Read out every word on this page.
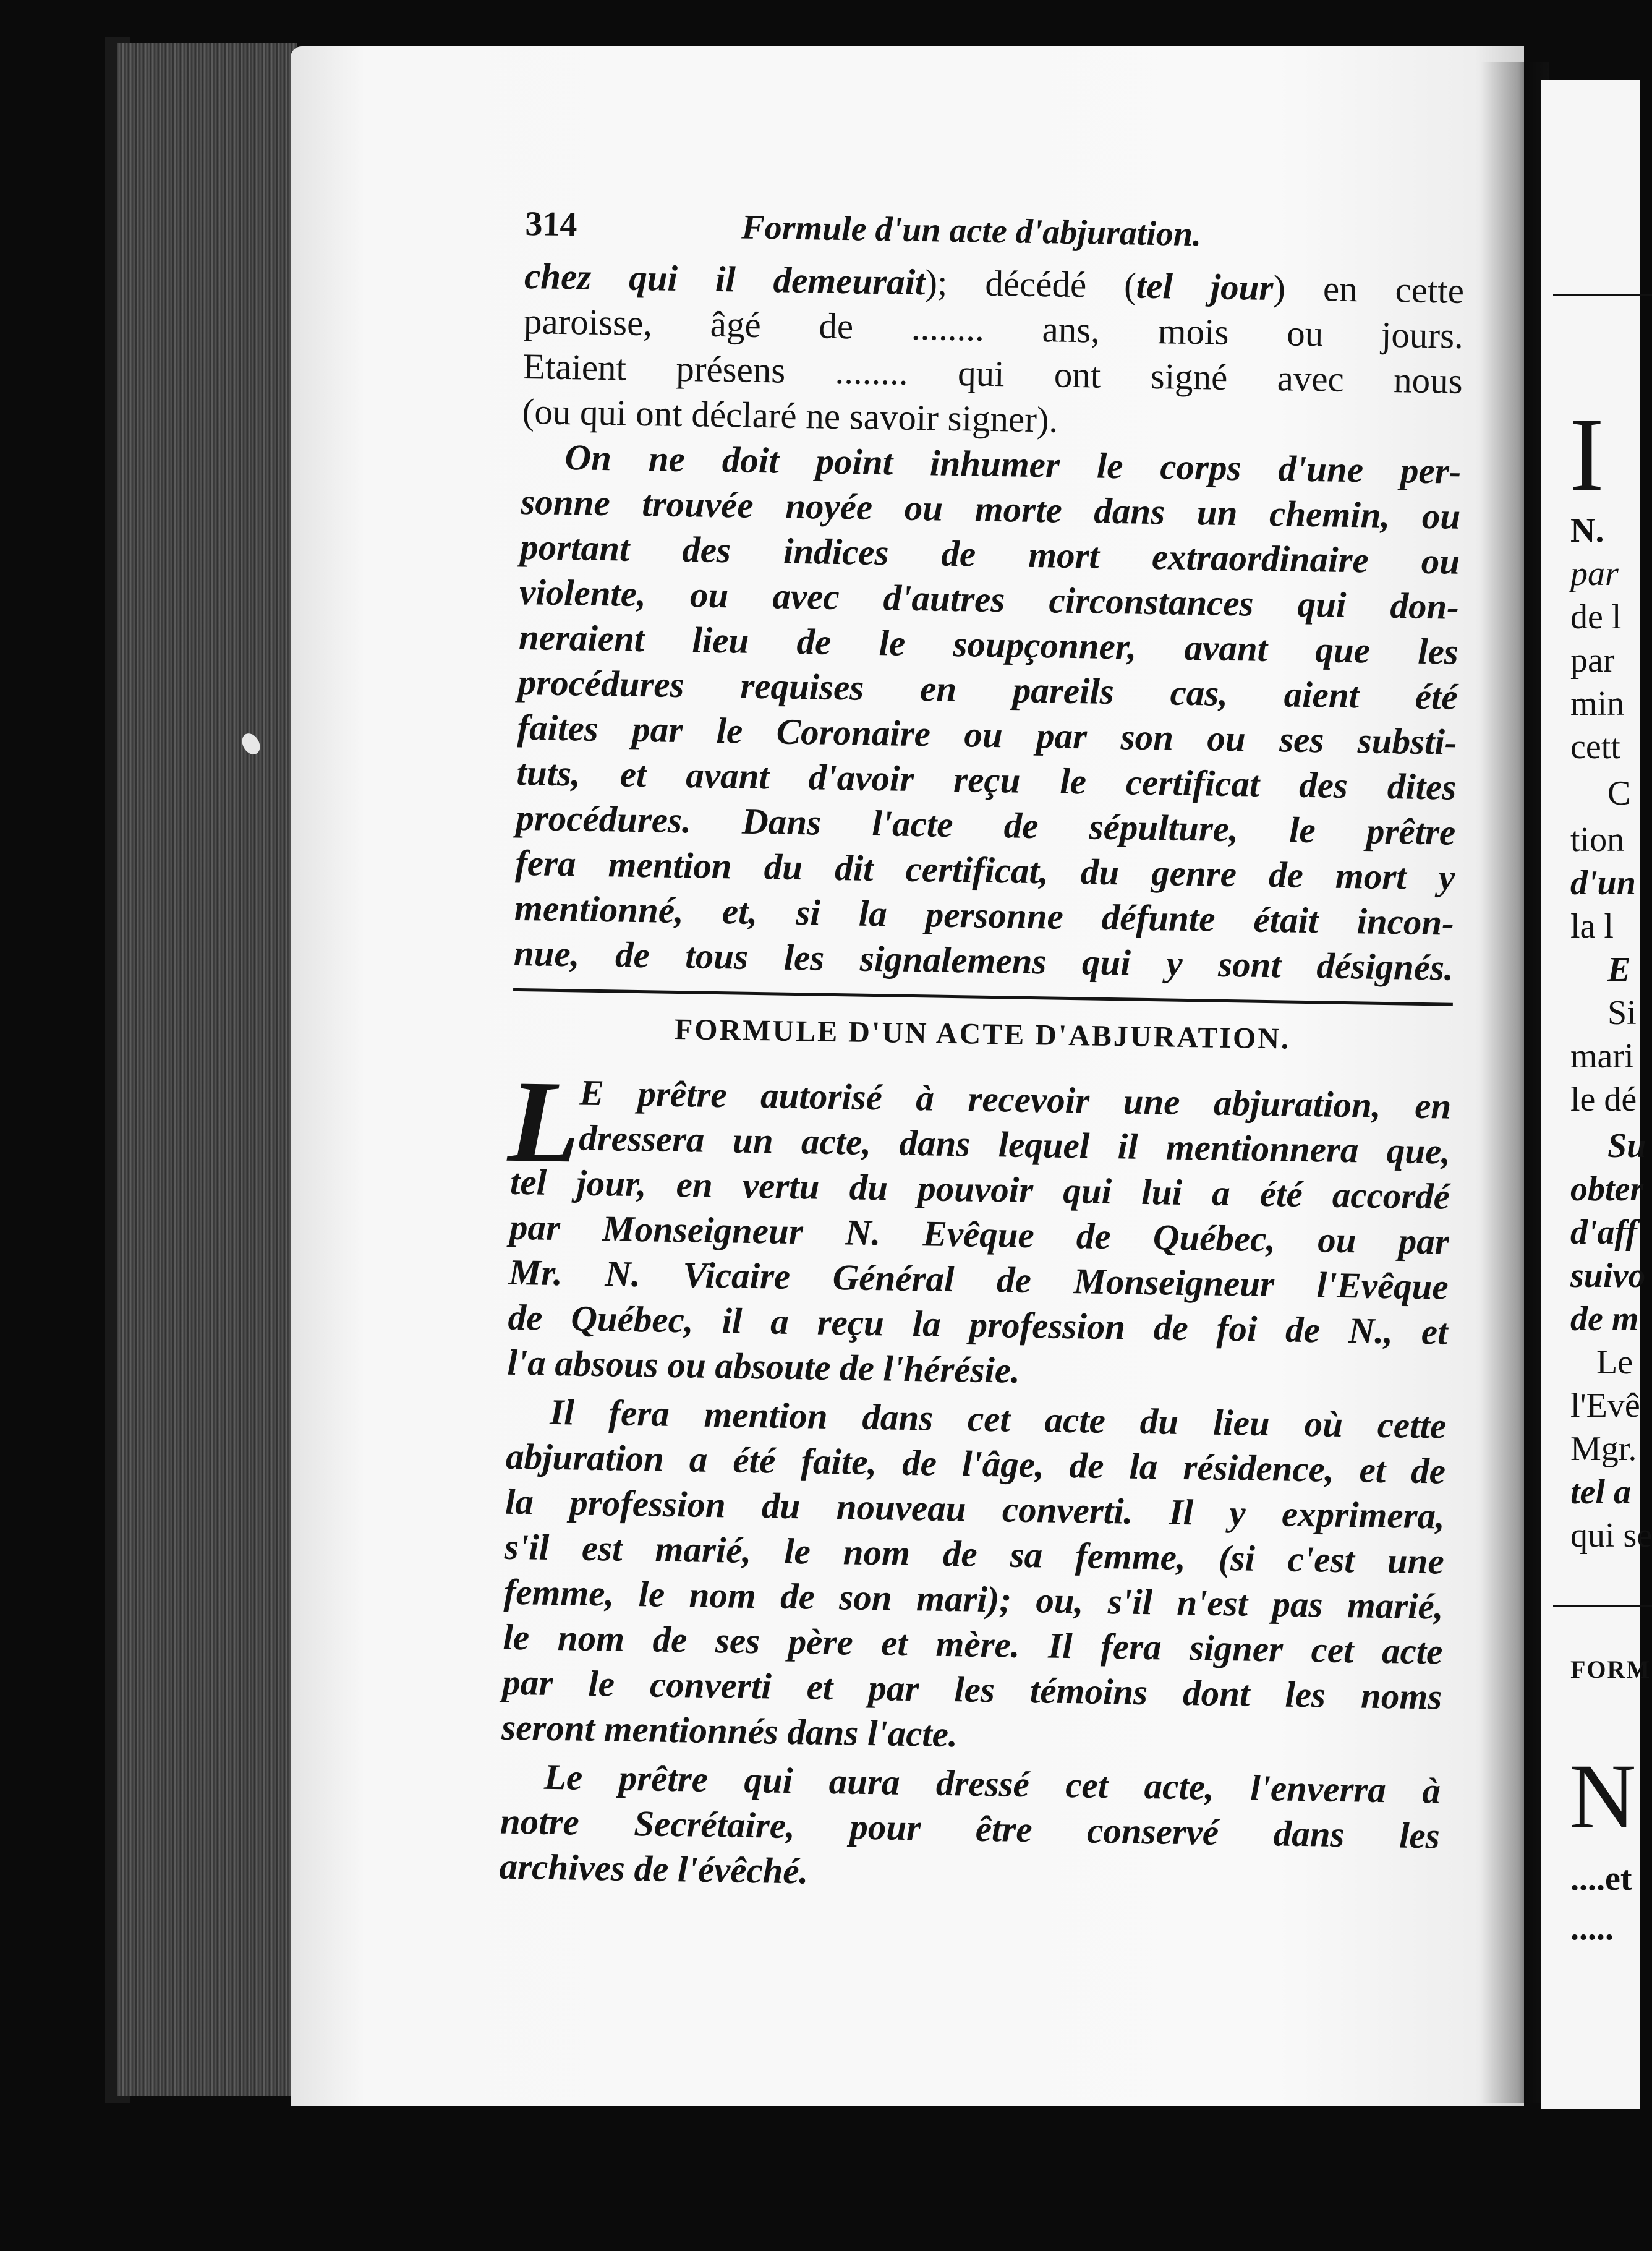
I
N.
par
de l
par
min
cett
C
tion
d'un
la l
E
Si
mari
le dé
Su
obter
d'aff
suivo
de m
Le
l'Evê
Mgr.
tel a
qui se
FORM
N
....et
.....
314	Formule d'un acte d'abjuration.

chez qui il demeurait); décédé (tel jour) en cette
paroisse, âgé de ........ ans, mois ou jours.
Etaient présens ........ qui ont signé avec nous
(ou qui ont déclaré ne savoir signer).

On ne doit point inhumer le corps d'une per-
sonne trouvée noyée ou morte dans un chemin, ou
portant des indices de mort extraordinaire ou
violente, ou avec d'autres circonstances qui don-
neraient lieu de le soupçonner, avant que les
procédures requises en pareils cas, aient été
faites par le Coronaire ou par son ou ses substi-
tuts, et avant d'avoir reçu le certificat des dites
procédures. Dans l'acte de sépulture, le prêtre
fera mention du dit certificat, du genre de mort y
mentionné, et, si la personne défunte était incon-
nue, de tous les signalemens qui y sont désignés.

FORMULE D'UN ACTE D'ABJURATION.
L

E prêtre autorisé à recevoir une abjuration, en
dressera un acte, dans lequel il mentionnera que,
tel jour, en vertu du pouvoir qui lui a été accordé
par Monseigneur N. Evêque de Québec, ou par
Mr. N. Vicaire Général de Monseigneur l'Evêque
de Québec, il a reçu la profession de foi de N., et
l'a absous ou absoute de l'hérésie.

Il fera mention dans cet acte du lieu où cette
abjuration a été faite, de l'âge, de la résidence, et de
la profession du nouveau converti. Il y exprimera,
s'il est marié, le nom de sa femme, (si c'est une
femme, le nom de son mari); ou, s'il n'est pas marié,
le nom de ses père et mère. Il fera signer cet acte
par le converti et par les témoins dont les noms
seront mentionnés dans l'acte.

Le prêtre qui aura dressé cet acte, l'enverra à
notre Secrétaire, pour être conservé dans les
archives de l'évêché.
